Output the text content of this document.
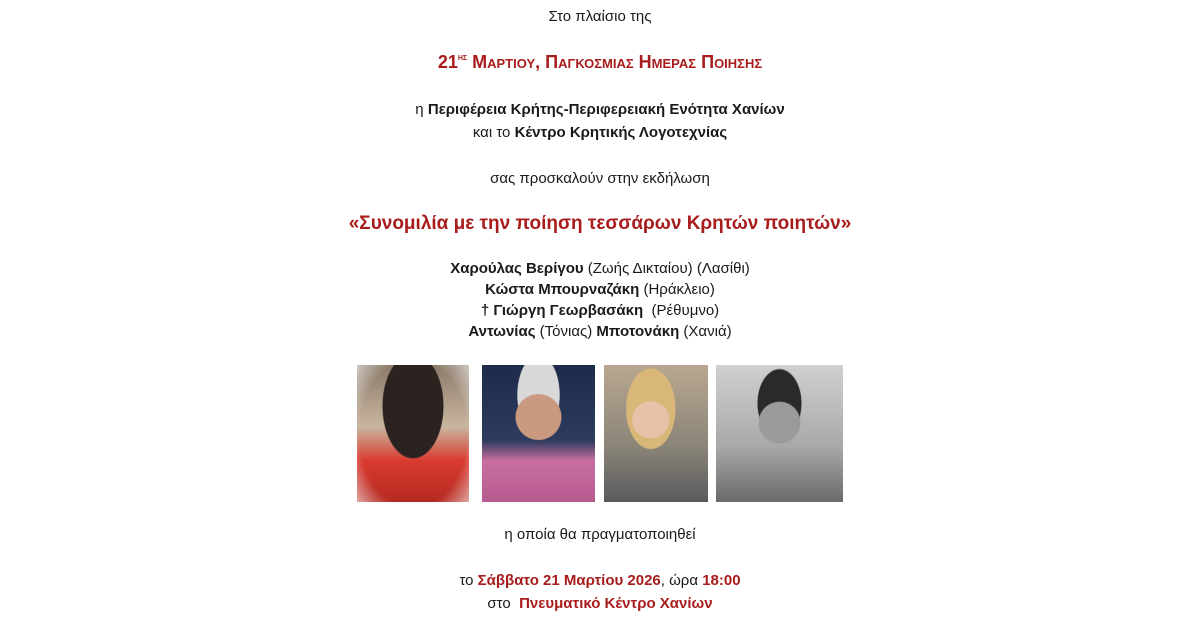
Στο πλαίσιο της
$21^{\eta\varsigma}$ Μαρτιου, Παγκοσμιας Ημερας Ποιησης
η Περιφέρεια Κρήτης-Περιφερειακή Ενότητα Χανίων
και το Κέντρο Κρητικής Λογοτεχνίας
σας προσκαλούν στην εκδήλωση
«Συνομιλία με την ποίηση τεσσάρων Κρητών ποιητών»
Χαρούλας Βερίγου (Ζωής Δικταίου) (Λασίθι)
Κώστα Μπουρναζάκη (Ηράκλειο)
† Γιώργη Γεωρβασάκη  (Ρέθυμνο)
Αντωνίας (Τόνιας) Μποτονάκη (Χανιά)
η οποία θα πραγματοποιηθεί
το Σάββατο 21 Μαρτίου 2026, ώρα 18:00
στο  Πνευματικό Κέντρο Χανίων
